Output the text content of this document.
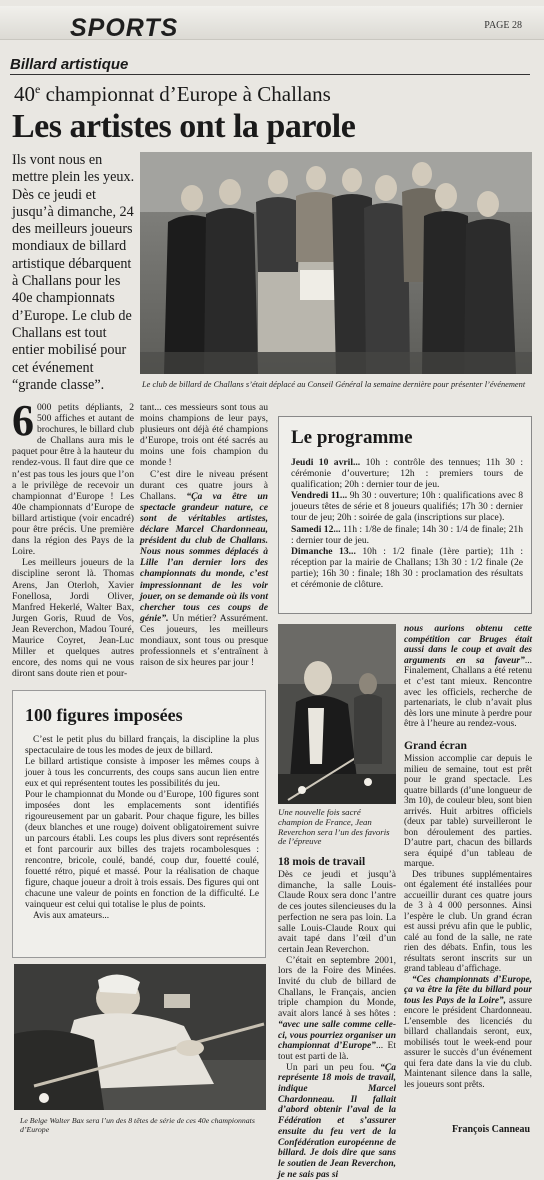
SPORTS	PAGE 28
Billard artistique
40e championnat d’Europe à Challans
Les artistes ont la parole
Ils vont nous en mettre plein les yeux. Dès ce jeudi et jusqu’à dimanche, 24 des meilleurs joueurs mondiaux de billard artistique débarquent à Challans pour les 40e championnats d’Europe. Le club de Challans est tout entier mobilisé pour cet événement “grande classe”.	Le club de billard de Challans s’était déplacé au Conseil Général la semaine dernière pour présenter l’événement
6 000 petits dépliants, 2 500 affiches et autant de brochures, le billard club de Challans aura mis le paquet pour être à la hauteur du rendez-vous. Il faut dire que ce n’est pas tous les jours que l’on a le privilège de recevoir un championnat d’Europe ! Les 40e championnats d’Europe de billard artistique (voir encadré) pour être précis. Une première dans la région des Pays de la Loire.

Les meilleurs joueurs de la discipline seront là. Thomas Arens, Jan Oterloh, Xavier Fonellosa, Jordi Oliver, Manfred Hekerlé, Walter Bax, Jurgen Goris, Ruud de Vos, Jean Reverchon, Madou Touré, Maurice Coyret, Jean-Luc Miller et quelques autres encore, des noms qui ne vous diront sans doute rien et pour-

tant... ces messieurs sont tous au moins champions de leur pays, plusieurs ont déjà été champions d’Europe, trois ont été sacrés au moins une fois champion du monde !

C’est dire le niveau présent durant ces quatre jours à Challans. “Ça va être un spectacle grandeur nature, ce sont de véritables artistes, déclare Marcel Chardonneau, président du club de Challans. Nous nous sommes déplacés à Lille l’an dernier lors des championnats du monde, c’est impressionnant de les voir jouer, on se demande où ils vont chercher tous ces coups de génie”. Un métier? Assurément. Ces joueurs, les meilleurs mondiaux, sont tous ou presque professionnels et s’entraînent à raison de six heures par jour !

Le programme

Jeudi 10 avril... 10h : contrôle des tennues; 11h 30 : cérémonie d’ouverture; 12h : premiers tours de qualification; 20h : dernier tour de jeu.

Vendredi 11... 9h 30 : ouverture; 10h : qualifications avec 8 joueurs têtes de série et 8 joueurs qualifiés; 17h 30 : dernier tour de jeu; 20h : soirée de gala (inscriptions sur place).

Samedi 12... 11h : 1/8e de finale; 14h 30 : 1/4 de finale; 21h : dernier tour de jeu.

Dimanche 13... 10h : 1/2 finale (1ère partie); 11h : réception par la mairie de Challans; 13h 30 : 1/2 finale (2e partie); 16h 30 : finale; 18h 30 : proclamation des résultats et cérémonie de clôture.

Une nouvelle fois sacré champion de France, Jean Reverchon sera l’un des favoris de l’épreuve
18 mois de travail

Dès ce jeudi et jusqu’à dimanche, la salle Louis-Claude Roux sera donc l’antre de ces joutes silencieuses du la perfection ne sera pas loin. La salle Louis-Claude Roux qui avait tapé dans l’œil d’un certain Jean Reverchon.

C’était en septembre 2001, lors de la Foire des Minées. Invité du club de billard de Challans, le Français, ancien triple champion du Monde, avait alors lancé à ses hôtes : “avec une salle comme celle-ci, vous pourriez organiser un championnat d’Europe”... Et tout est parti de là.

Un pari un peu fou. “Ça représente 18 mois de travail, indique Marcel Chardonneau. Il fallait d’abord obtenir l’aval de la Fédération et s’assurer ensuite du feu vert de la Confédération européenne de billard. Je dois dire que sans le soutien de Jean Reverchon, je ne sais pas si

nous aurions obtenu cette compétition car Bruges était aussi dans le coup et avait des arguments en sa faveur”... Finalement, Challans a été retenu et c’est tant mieux. Rencontre avec les officiels, recherche de partenariats, le club n’avait plus dès lors une minute à perdre pour être à l’heure au rendez-vous.

Grand écran

Mission accomplie car depuis le milieu de semaine, tout est prêt pour le grand spectacle. Les quatre billards (d’une longueur de 3m 10), de couleur bleu, sont bien arrivés. Huit arbitres officiels (deux par table) surveilleront le bon déroulement des parties. D’autre part, chacun des billards sera équipé d’un tableau de marque.

Des tribunes supplémentaires ont également été installées pour accueillir durant ces quatre jours de 3 à 4 000 personnes. Ainsi l’espère le club. Un grand écran est aussi prévu afin que le public, calé au fond de la salle, ne rate rien des débats. Enfin, tous les résultats seront inscrits sur un grand tableau d’affichage.

“Ces championnats d’Europe, ça va être la fête du billard pour tous les Pays de la Loire”, assure encore le président Chardonneau. L’ensemble des licenciés du billard challandais seront, eux, mobilisés tout le week-end pour assurer le succès d’un événement qui fera date dans la vie du club. Maintenant silence dans la salle, les joueurs sont prêts.

François Canneau
100 figures imposées

C’est le petit plus du billard français, la discipline la plus spectaculaire de tous les modes de jeux de billard.

Le billard artistique consiste à imposer les mêmes coups à jouer à tous les concurrents, des coups sans aucun lien entre eux et qui représentent toutes les possibilités du jeu.

Pour le championnat du Monde ou d’Europe, 100 figures sont imposées dont les emplacements sont identifiés rigoureusement par un gabarit. Pour chaque figure, les billes (deux blanches et une rouge) doivent obligatoirement suivre un parcours établi. Les coups les plus divers sont représentés et font parcourir aux billes des trajets rocambolesques : rencontre, bricole, coulé, bandé, coup dur, fouetté coulé, fouetté rétro, piqué et massé. Pour la réalisation de chaque figure, chaque joueur a droit à trois essais. Des figures qui ont chacune une valeur de points en fonction de la difficulté. Le vainqueur est celui qui totalise le plus de points.

Avis aux amateurs...

Le Belge Walter Bax sera l’un des 8 têtes de série de ces 40e championnats d’Europe
